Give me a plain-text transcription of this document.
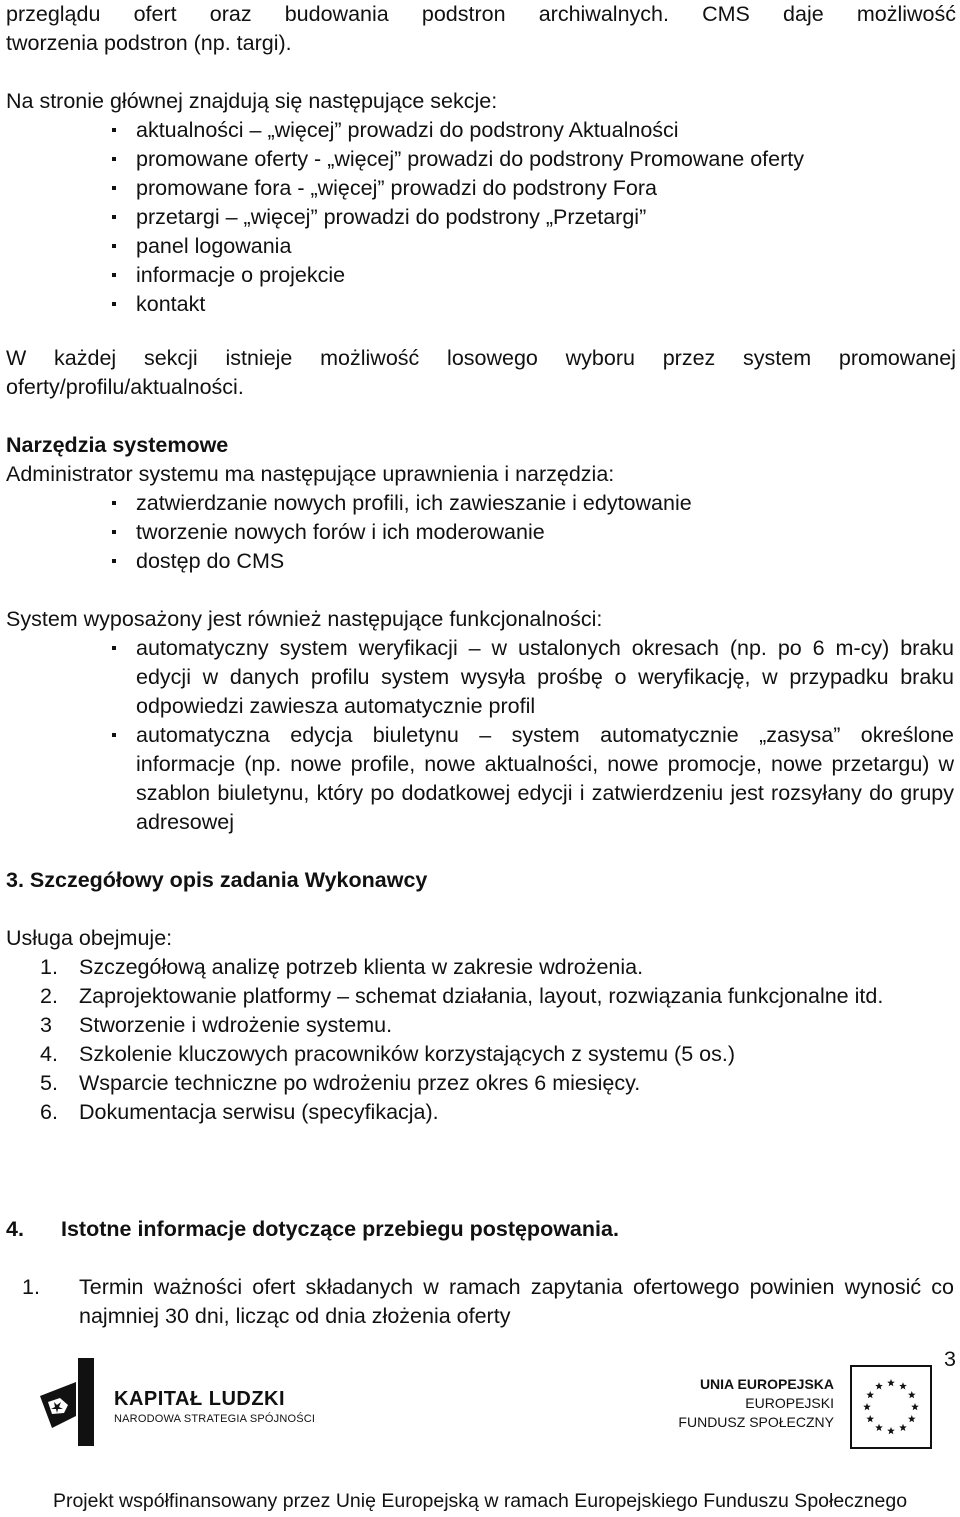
przeglądu ofert oraz budowania podstron archiwalnych. CMS daje możliwość
tworzenia podstron (np. targi).
Na stronie głównej znajdują się następujące sekcje:
aktualności – „więcej” prowadzi do podstrony Aktualności
promowane oferty - „więcej” prowadzi do podstrony Promowane oferty
promowane fora - „więcej” prowadzi do podstrony Fora
przetargi – „więcej” prowadzi do podstrony „Przetargi”
panel logowania
informacje o projekcie
kontakt
W każdej sekcji istnieje możliwość losowego wyboru przez system promowanej
oferty/profilu/aktualności.
Narzędzia systemowe
Administrator systemu ma następujące uprawnienia i narzędzia:
zatwierdzanie nowych profili, ich zawieszanie i edytowanie
tworzenie nowych forów i ich moderowanie
dostęp do CMS
System wyposażony jest również następujące funkcjonalności:
automatyczny system weryfikacji – w ustalonych okresach (np. po 6 m-cy) braku edycji w danych profilu system wysyła prośbę o weryfikację, w przypadku braku odpowiedzi zawiesza automatycznie profil
automatyczna edycja biuletynu – system automatycznie „zasysa” określone informacje (np. nowe profile, nowe aktualności, nowe promocje, nowe przetargu) w szablon biuletynu, który po dodatkowej edycji i zatwierdzeniu jest rozsyłany do grupy adresowej
3. Szczegółowy opis zadania Wykonawcy
Usługa obejmuje:
1. Szczegółową analizę potrzeb klienta w zakresie wdrożenia.
2. Zaprojektowanie platformy – schemat działania, layout, rozwiązania funkcjonalne itd.
3 Stworzenie i wdrożenie systemu.
4. Szkolenie kluczowych pracowników korzystających z systemu (5 os.)
5. Wsparcie techniczne po wdrożeniu przez okres 6 miesięcy.
6. Dokumentacja serwisu (specyfikacja).
4. Istotne informacje dotyczące przebiegu postępowania.
1. Termin ważności ofert składanych w ramach zapytania ofertowego powinien wynosić co najmniej 30 dni, licząc od dnia złożenia oferty
3
KAPITAŁ LUDZKI
NARODOWA STRATEGIA SPÓJNOŚCI
UNIA EUROPEJSKA
EUROPEJSKI
FUNDUSZ SPOŁECZNY
Projekt współfinansowany przez Unię Europejską w ramach Europejskiego Funduszu Społecznego
